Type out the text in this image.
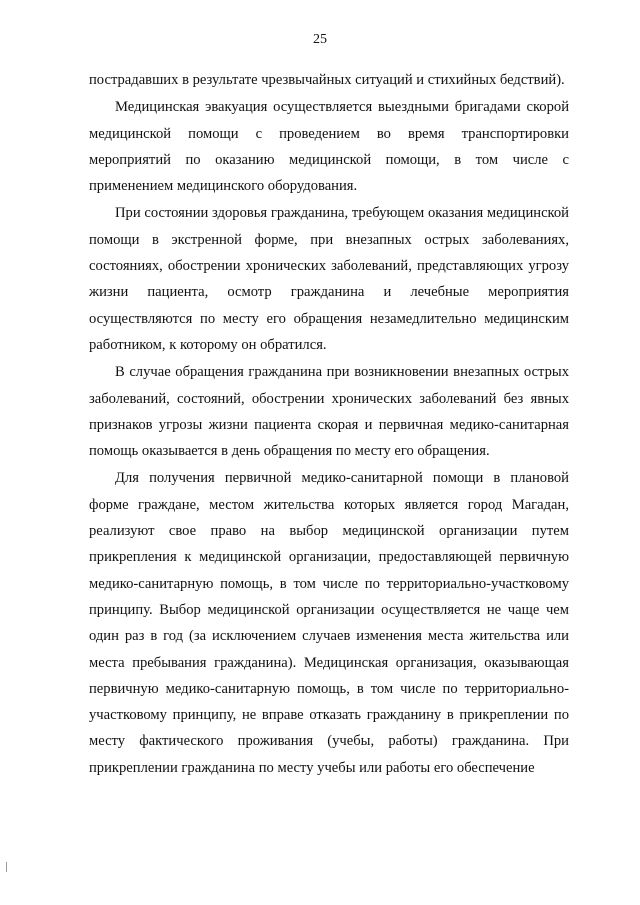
25

пострадавших в результате чрезвычайных ситуаций и стихийных бедствий).

Медицинская эвакуация осуществляется выездными бригадами скорой медицинской помощи с проведением во время транспортировки мероприятий по оказанию медицинской помощи, в том числе с применением медицинского оборудования.

При состоянии здоровья гражданина, требующем оказания медицинской помощи в экстренной форме, при внезапных острых заболеваниях, состояниях, обострении хронических заболеваний, представляющих угрозу жизни пациента, осмотр гражданина и лечебные мероприятия осуществляются по месту его обращения незамедлительно медицинским работником, к которому он обратился.

В случае обращения гражданина при возникновении внезапных острых заболеваний, состояний, обострении хронических заболеваний без явных признаков угрозы жизни пациента скорая и первичная медико-санитарная помощь оказывается в день обращения по месту его обращения.

Для получения первичной медико-санитарной помощи в плановой форме граждане, местом жительства которых является город Магадан, реализуют свое право на выбор медицинской организации путем прикрепления к медицинской организации, предоставляющей первичную медико-санитарную помощь, в том числе по территориально-участковому принципу. Выбор медицинской организации осуществляется не чаще чем один раз в год (за исключением случаев изменения места жительства или места пребывания гражданина). Медицинская организация, оказывающая первичную медико-санитарную помощь, в том числе по территориально-участковому принципу, не вправе отказать гражданину в прикреплении по месту фактического проживания (учебы, работы) гражданина. При прикреплении гражданина по месту учебы или работы его обеспечение
